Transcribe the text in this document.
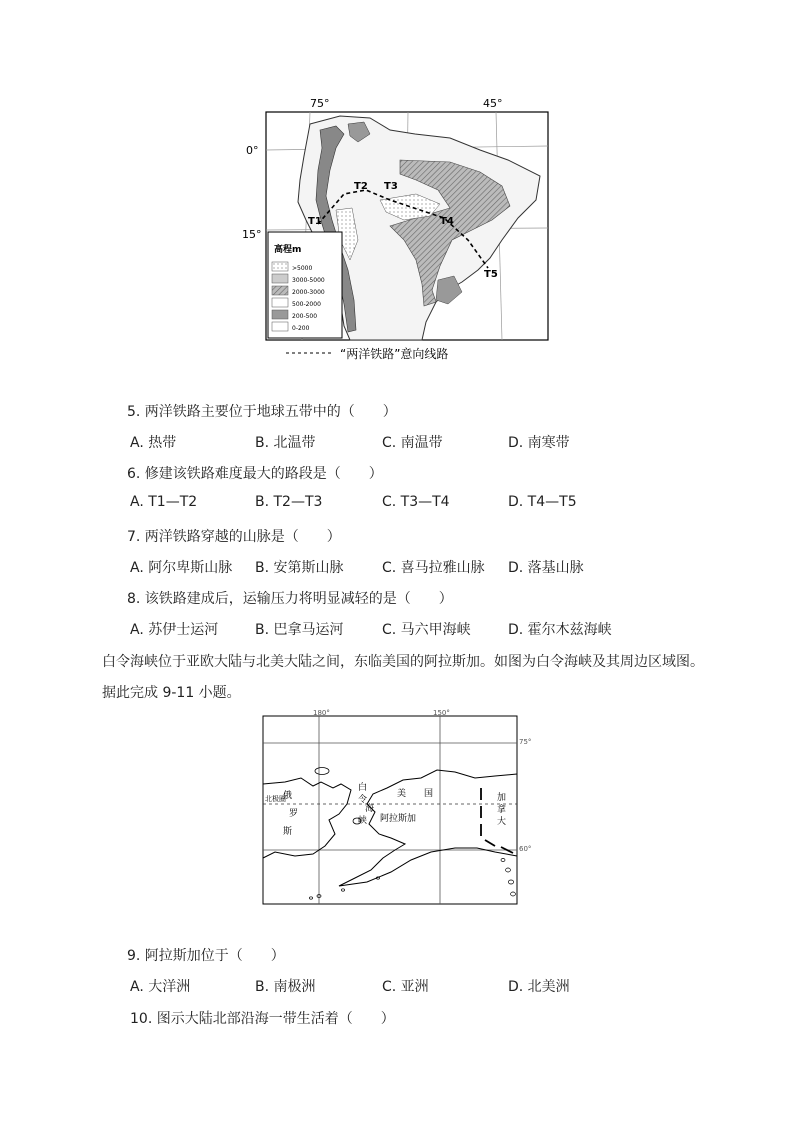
高程m
>5000
3000-5000
2000-3000
500-2000
200-500
0-200
75°	45°
0°
15°
T1
T2 T3
T4
T5
“两洋铁路”意向线路
5. 两洋铁路主要位于地球五带中的（　　）
A. 热带	B. 北温带	C. 南温带	D. 南寒带
6. 修建该铁路难度最大的路段是（　　）
A. T1—T2	B. T2—T3	C. T3—T4	D. T4—T5
7. 两洋铁路穿越的山脉是（　　）
A. 阿尔卑斯山脉 B. 安第斯山脉	C. 喜马拉雅山脉 D. 落基山脉
8. 该铁路建成后，运输压力将明显减轻的是（　　）
A. 苏伊士运河	B. 巴拿马运河	C. 马六甲海峡	D. 霍尔木兹海峡
白令海峡位于亚欧大陆与北美大陆之间，东临美国的阿拉斯加。如图为白令海峡及其周边区域图。
据此完成 9-11 小题。
180°	150°
75°
60°
北极圈
俄
罗
斯
白
令
海
峡
美　　国
阿拉斯加
加
拿
大
9. 阿拉斯加位于（　　）
A. 大洋洲	B. 南极洲	C. 亚洲	D. 北美洲
10. 图示大陆北部沿海一带生活着（　　）
